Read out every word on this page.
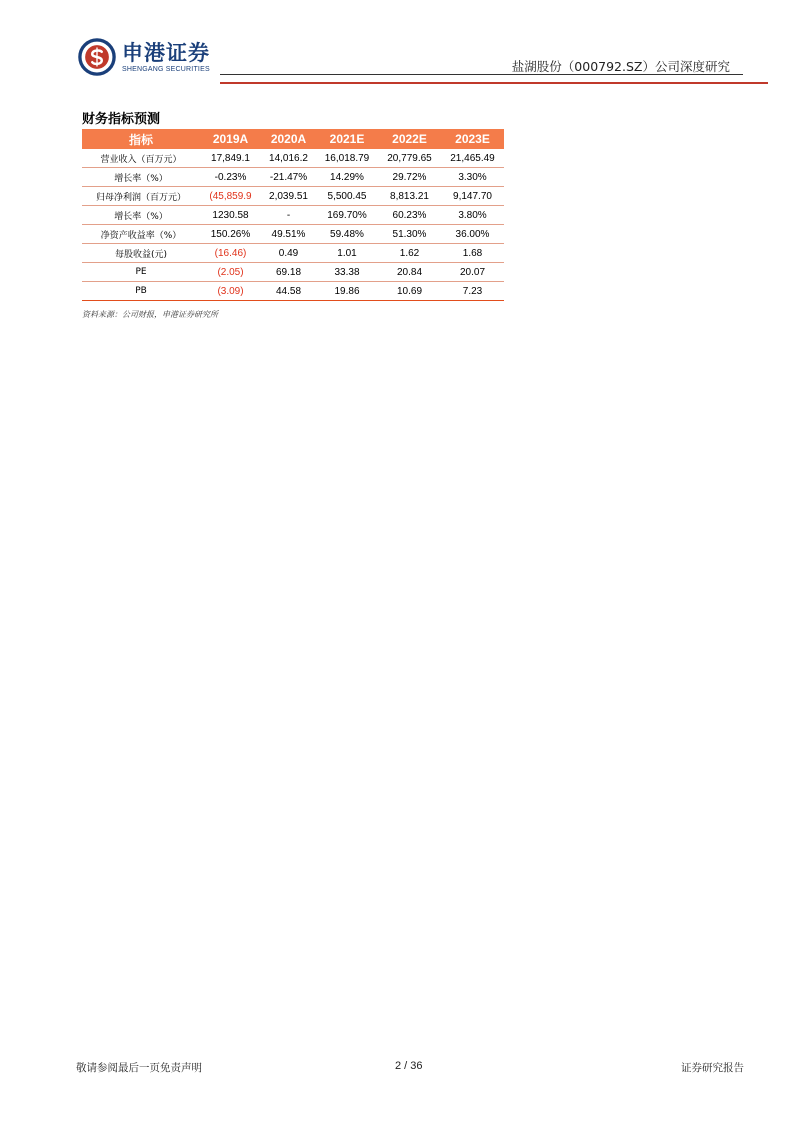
申港证券
SHENGANG SECURITIES	盐湖股份（000792.SZ）公司深度研究
财务指标预测
指标	2019A	2020A	2021E	2022E	2023E
营业收入（百万元）	17,849.1	14,016.2	16,018.79	20,779.65	21,465.49
增长率（%）	-0.23%	-21.47%	14.29%	29.72%	3.30%
归母净利润（百万元）	(45,859.9	2,039.51	5,500.45	8,813.21	9,147.70
增长率（%）	1230.58	-	169.70%	60.23%	3.80%
净资产收益率（%）	150.26%	49.51%	59.48%	51.30%	36.00%
每股收益(元)	(16.46)	0.49	1.01	1.62	1.68
PE	(2.05)	69.18	33.38	20.84	20.07
PB	(3.09)	44.58	19.86	10.69	7.23
资料来源：公司财报，申港证券研究所
敬请参阅最后一页免责声明	2 / 36	证券研究报告
